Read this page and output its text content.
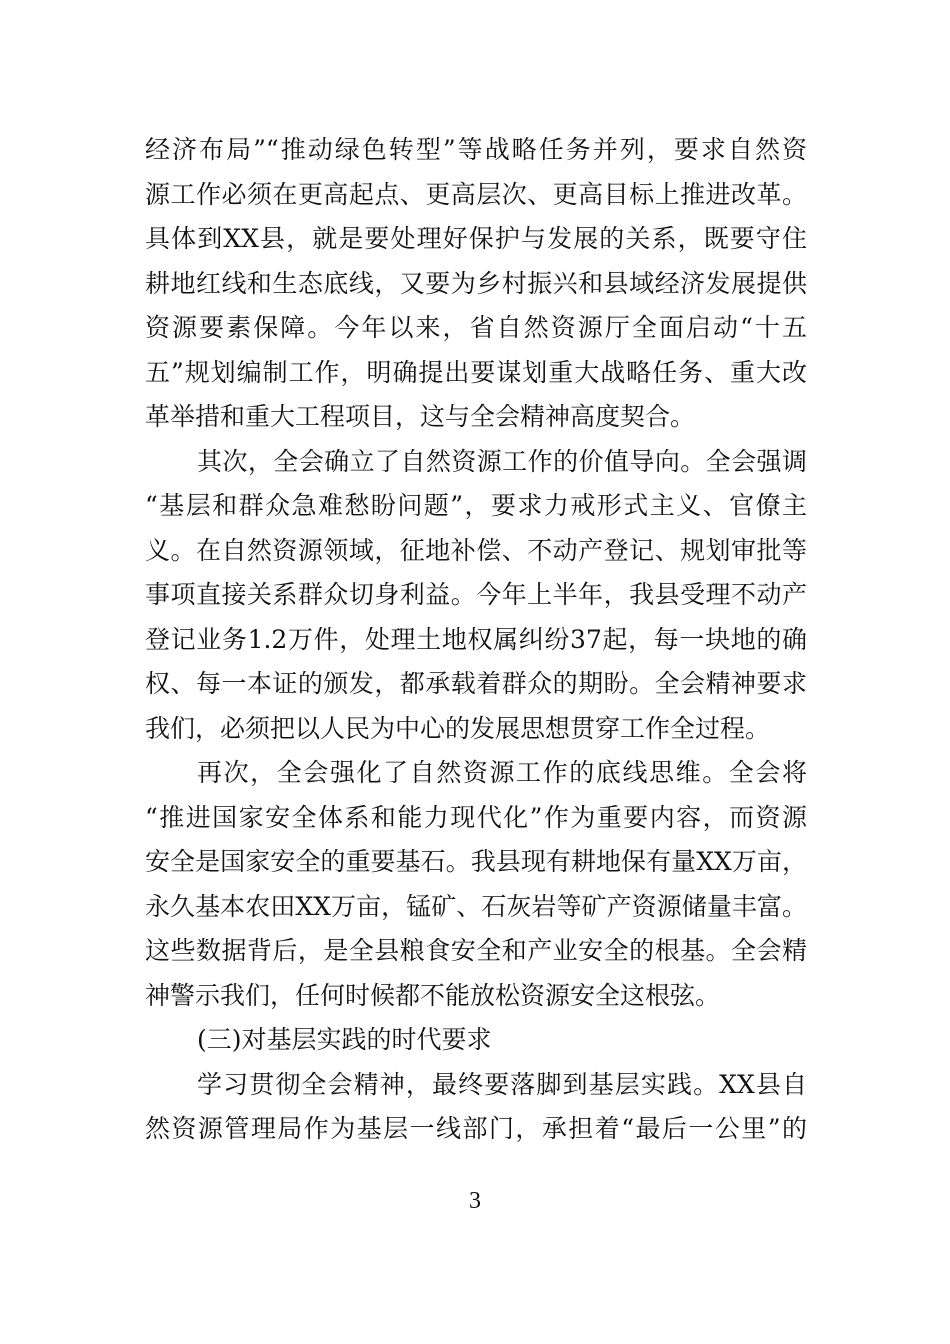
3
经济布局”“推动绿色转型”等战略任务并列，要求自然资
源工作必须在更高起点、更高层次、更高目标上推进改革。
具体到XX县，就是要处理好保护与发展的关系，既要守住
耕地红线和生态底线，又要为乡村振兴和县域经济发展提供
资源要素保障。今年以来，省自然资源厅全面启动“十五
五”规划编制工作，明确提出要谋划重大战略任务、重大改
革举措和重大工程项目，这与全会精神高度契合。
其次，全会确立了自然资源工作的价值导向。全会强调
“基层和群众急难愁盼问题”，要求力戒形式主义、官僚主
义。在自然资源领域，征地补偿、不动产登记、规划审批等
事项直接关系群众切身利益。今年上半年，我县受理不动产
登记业务1.2万件，处理土地权属纠纷37起，每一块地的确
权、每一本证的颁发，都承载着群众的期盼。全会精神要求
我们，必须把以人民为中心的发展思想贯穿工作全过程。
再次，全会强化了自然资源工作的底线思维。全会将
“推进国家安全体系和能力现代化”作为重要内容，而资源
安全是国家安全的重要基石。我县现有耕地保有量XX万亩，
永久基本农田XX万亩，锰矿、石灰岩等矿产资源储量丰富。
这些数据背后，是全县粮食安全和产业安全的根基。全会精
神警示我们，任何时候都不能放松资源安全这根弦。
(三)对基层实践的时代要求
学习贯彻全会精神，最终要落脚到基层实践。XX县自
然资源管理局作为基层一线部门，承担着“最后一公里”的
